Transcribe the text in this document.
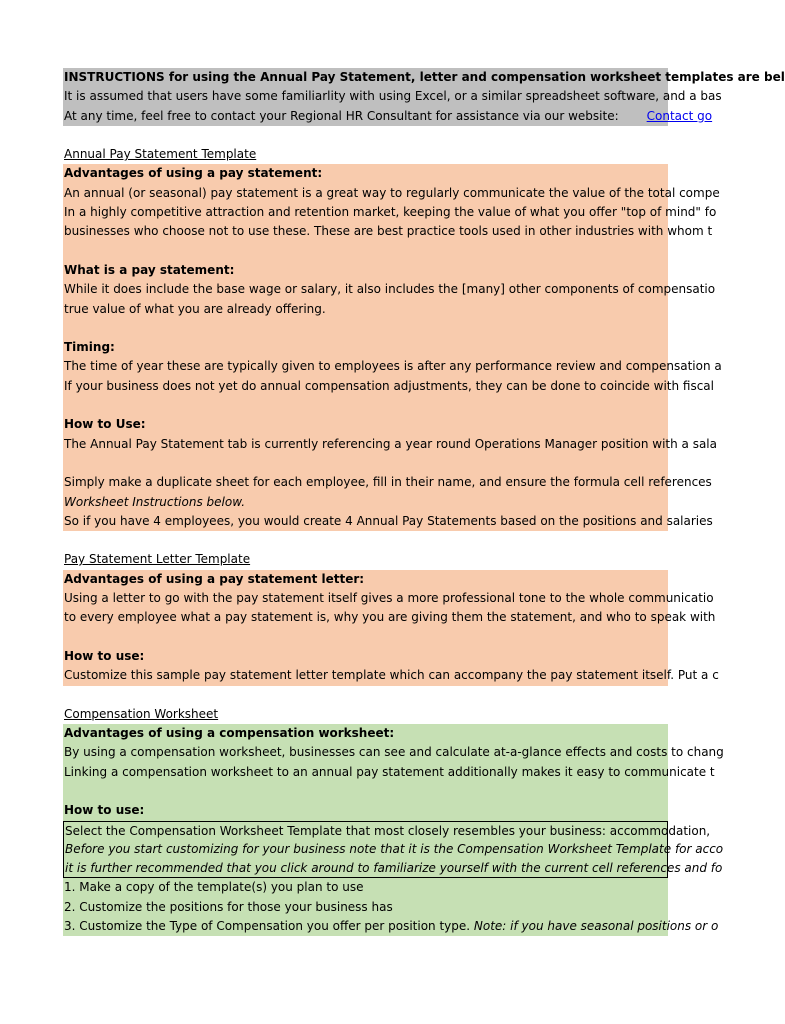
INSTRUCTIONS for using the Annual Pay Statement, letter and compensation worksheet templates are bel
It is assumed that users have some familiarlity with using Excel, or a similar spreadsheet software, and a bas
At any time, feel free to contact your Regional HR Consultant for assistance via our website: Contact go
Annual Pay Statement Template
Advantages of using a pay statement:
An annual (or seasonal) pay statement is a great way to regularly communicate the value of the total compe
In a highly competitive attraction and retention market, keeping the value of what you offer "top of mind" fo
businesses who choose not to use these. These are best practice tools used in other industries with whom t
What is a pay statement:
While it does include the base wage or salary, it also includes the [many] other components of compensatio
true value of what you are already offering.
Timing:
The time of year these are typically given to employees is after any performance review and compensation a
If your business does not yet do annual compensation adjustments, they can be done to coincide with fiscal
How to Use:
The Annual Pay Statement tab is currently referencing a year round Operations Manager position with a sala
Simply make a duplicate sheet for each employee, fill in their name, and ensure the formula cell references
Worksheet Instructions below.
So if you have 4 employees, you would create 4 Annual Pay Statements based on the positions and salaries
Pay Statement Letter Template
Advantages of using a pay statement letter:
Using a letter to go with the pay statement itself gives a more professional tone to the whole communicatio
to every employee what a pay statement is, why you are giving them the statement, and who to speak with
How to use:
Customize this sample pay statement letter template which can accompany the pay statement itself. Put a c
Compensation Worksheet
Advantages of using a compensation worksheet:
By using a compensation worksheet, businesses can see and calculate at-a-glance effects and costs to chang
Linking a compensation worksheet to an annual pay statement additionally makes it easy to communicate t
How to use:
Select the Compensation Worksheet Template that most closely resembles your business: accommodation,
Before you start customizing for your business note that it is the Compensation Worksheet Template for acco
it is further recommended that you click around to familiarize yourself with the current cell references and fo
1. Make a copy of the template(s) you plan to use
2. Customize the positions for those your business has
3. Customize the Type of Compensation you offer per position type. Note: if you have seasonal positions or o
